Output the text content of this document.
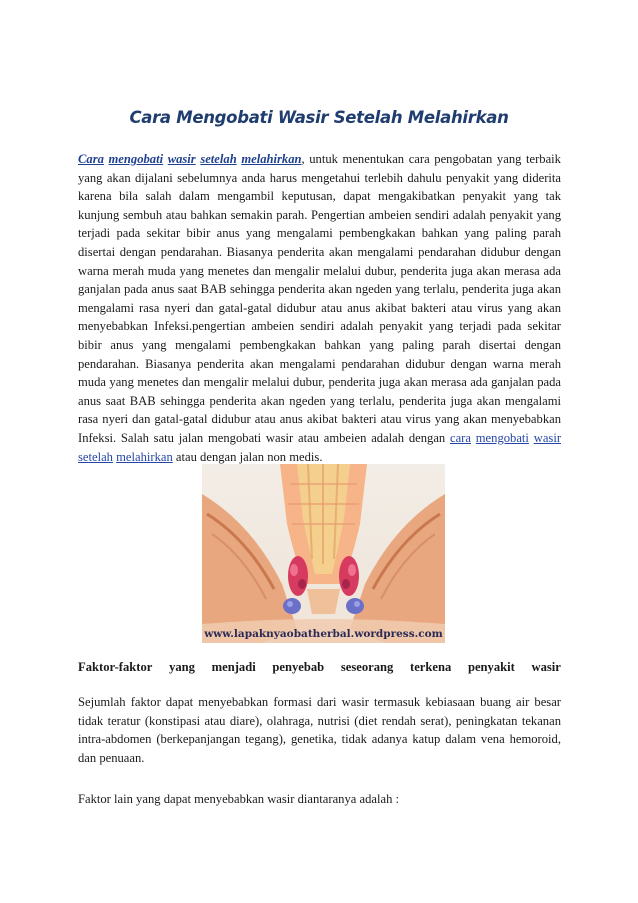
Cara Mengobati Wasir Setelah Melahirkan

Cara mengobati wasir setelah melahirkan, untuk menentukan cara pengobatan yang terbaik yang akan dijalani sebelumnya anda harus mengetahui terlebih dahulu penyakit yang diderita karena bila salah dalam mengambil keputusan, dapat mengakibatkan penyakit yang tak kunjung sembuh atau bahkan semakin parah. Pengertian ambeien sendiri adalah penyakit yang terjadi pada sekitar bibir anus yang mengalami pembengkakan bahkan yang paling parah disertai dengan pendarahan. Biasanya penderita akan mengalami pendarahan didubur dengan warna merah muda yang menetes dan mengalir melalui dubur, penderita juga akan merasa ada ganjalan pada anus saat BAB sehingga penderita akan ngeden yang terlalu, penderita juga akan mengalami rasa nyeri dan gatal-gatal didubur atau anus akibat bakteri atau virus yang akan menyebabkan Infeksi.pengertian ambeien sendiri adalah penyakit yang terjadi pada sekitar bibir anus yang mengalami pembengkakan bahkan yang paling parah disertai dengan pendarahan. Biasanya penderita akan mengalami pendarahan didubur dengan warna merah muda yang menetes dan mengalir melalui dubur, penderita juga akan merasa ada ganjalan pada anus saat BAB sehingga penderita akan ngeden yang terlalu, penderita juga akan mengalami rasa nyeri dan gatal-gatal didubur atau anus akibat bakteri atau virus yang akan menyebabkan Infeksi. Salah satu jalan mengobati wasir atau ambeien adalah dengan cara mengobati wasir setelah melahirkan atau dengan jalan non medis.

www.lapaknyaobatherbal.wordpress.com

Faktor-faktor yang menjadi penyebab seseorang terkena penyakit wasir

Sejumlah faktor dapat menyebabkan formasi dari wasir termasuk kebiasaan buang air besar tidak teratur (konstipasi atau diare), olahraga, nutrisi (diet rendah serat), peningkatan tekanan intra-abdomen (berkepanjangan tegang), genetika, tidak adanya katup dalam vena hemoroid, dan penuaan.

Faktor lain yang dapat menyebabkan wasir diantaranya adalah :
